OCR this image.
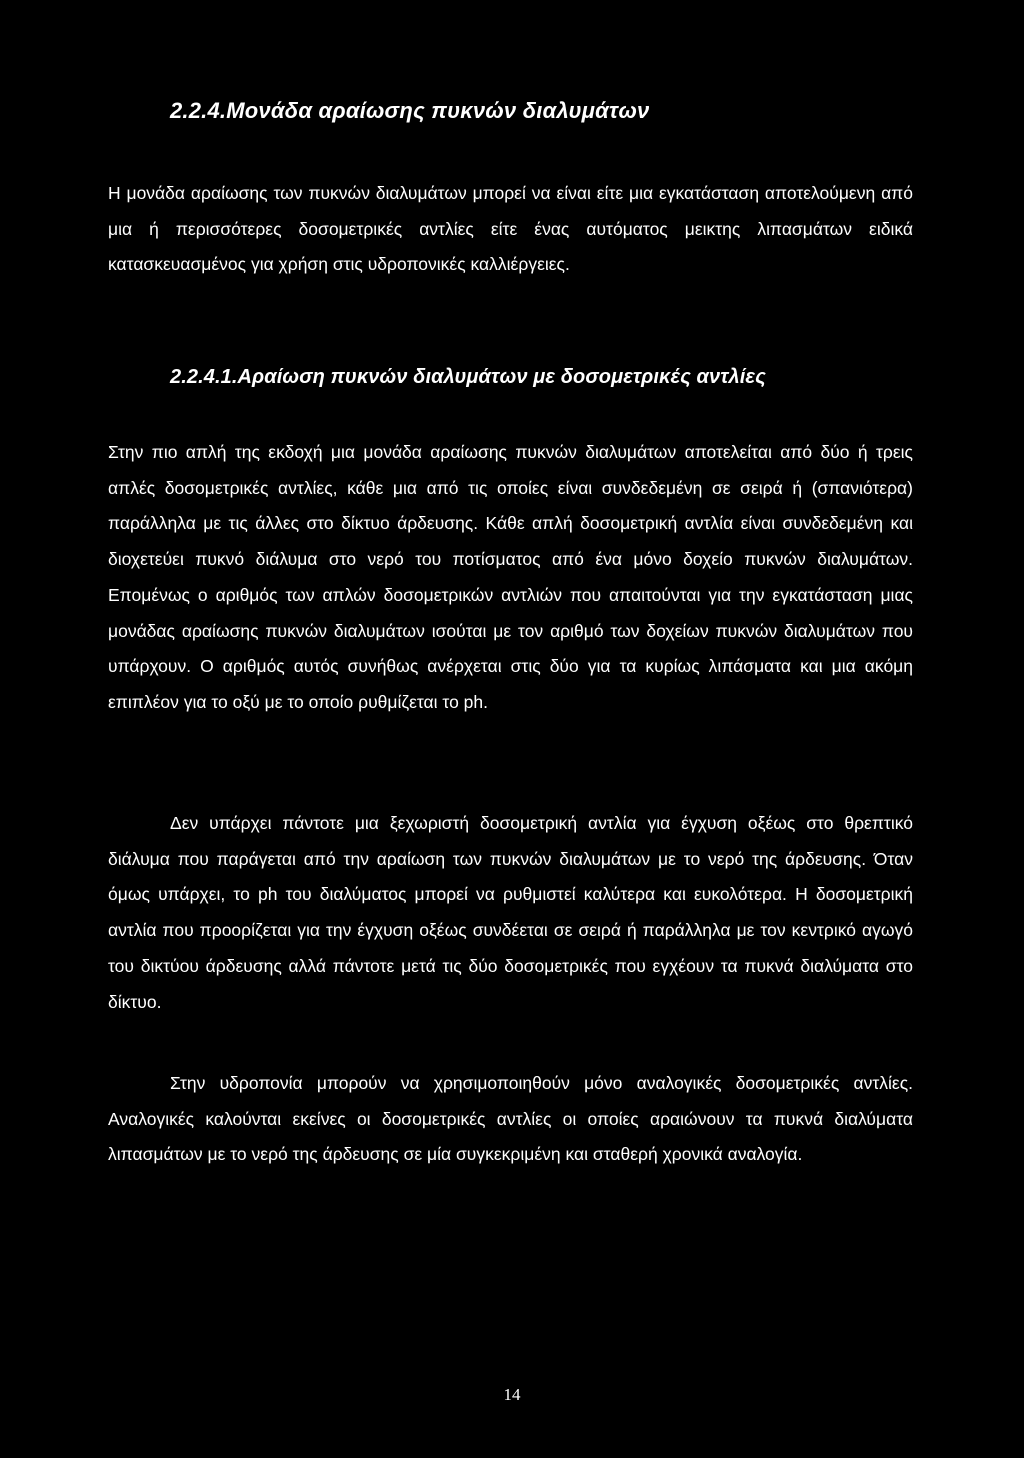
2.2.4.Μονάδα αραίωσης πυκνών διαλυμάτων

Η μονάδα αραίωσης των πυκνών διαλυμάτων μπορεί να είναι είτε μια εγκατάσταση αποτελούμενη από μια ή περισσότερες δοσομετρικές αντλίες είτε ένας αυτόματος μεικτης λιπασμάτων ειδικά κατασκευασμένος για χρήση στις υδροπονικές καλλιέργειες.

2.2.4.1.Αραίωση πυκνών διαλυμάτων με δοσομετρικές αντλίες

Στην πιο απλή της εκδοχή μια μονάδα αραίωσης πυκνών διαλυμάτων αποτελείται από δύο ή τρεις απλές δοσομετρικές αντλίες, κάθε μια από τις οποίες είναι συνδεδεμένη σε σειρά ή (σπανιότερα) παράλληλα με τις άλλες στο δίκτυο άρδευσης. Κάθε απλή δοσομετρική αντλία είναι συνδεδεμένη και διοχετεύει πυκνό διάλυμα στο νερό του ποτίσματος από ένα μόνο δοχείο πυκνών διαλυμάτων. Επομένως ο αριθμός των απλών δοσομετρικών αντλιών που απαιτούνται για την εγκατάσταση μιας μονάδας αραίωσης πυκνών διαλυμάτων ισούται με τον αριθμό των δοχείων πυκνών διαλυμάτων που υπάρχουν. Ο αριθμός αυτός συνήθως ανέρχεται στις δύο για τα κυρίως λιπάσματα και μια ακόμη επιπλέον για το οξύ με το οποίο ρυθμίζεται το ph.

Δεν υπάρχει πάντοτε μια ξεχωριστή δοσομετρική αντλία για έγχυση οξέως στο θρεπτικό διάλυμα που παράγεται από την αραίωση των πυκνών διαλυμάτων με το νερό της άρδευσης. Όταν όμως υπάρχει, το ph του διαλύματος μπορεί να ρυθμιστεί καλύτερα και ευκολότερα. Η δοσομετρική αντλία που προορίζεται για την έγχυση οξέως συνδέεται σε σειρά ή παράλληλα με τον κεντρικό αγωγό του δικτύου άρδευσης αλλά πάντοτε μετά τις δύο δοσομετρικές που εγχέουν τα πυκνά διαλύματα στο δίκτυο.

Στην υδροπονία μπορούν να χρησιμοποιηθούν μόνο αναλογικές δοσομετρικές αντλίες. Αναλογικές καλούνται εκείνες οι δοσομετρικές αντλίες οι οποίες αραιώνουν τα πυκνά διαλύματα λιπασμάτων με το νερό της άρδευσης σε μία συγκεκριμένη και σταθερή χρονικά αναλογία.

14
